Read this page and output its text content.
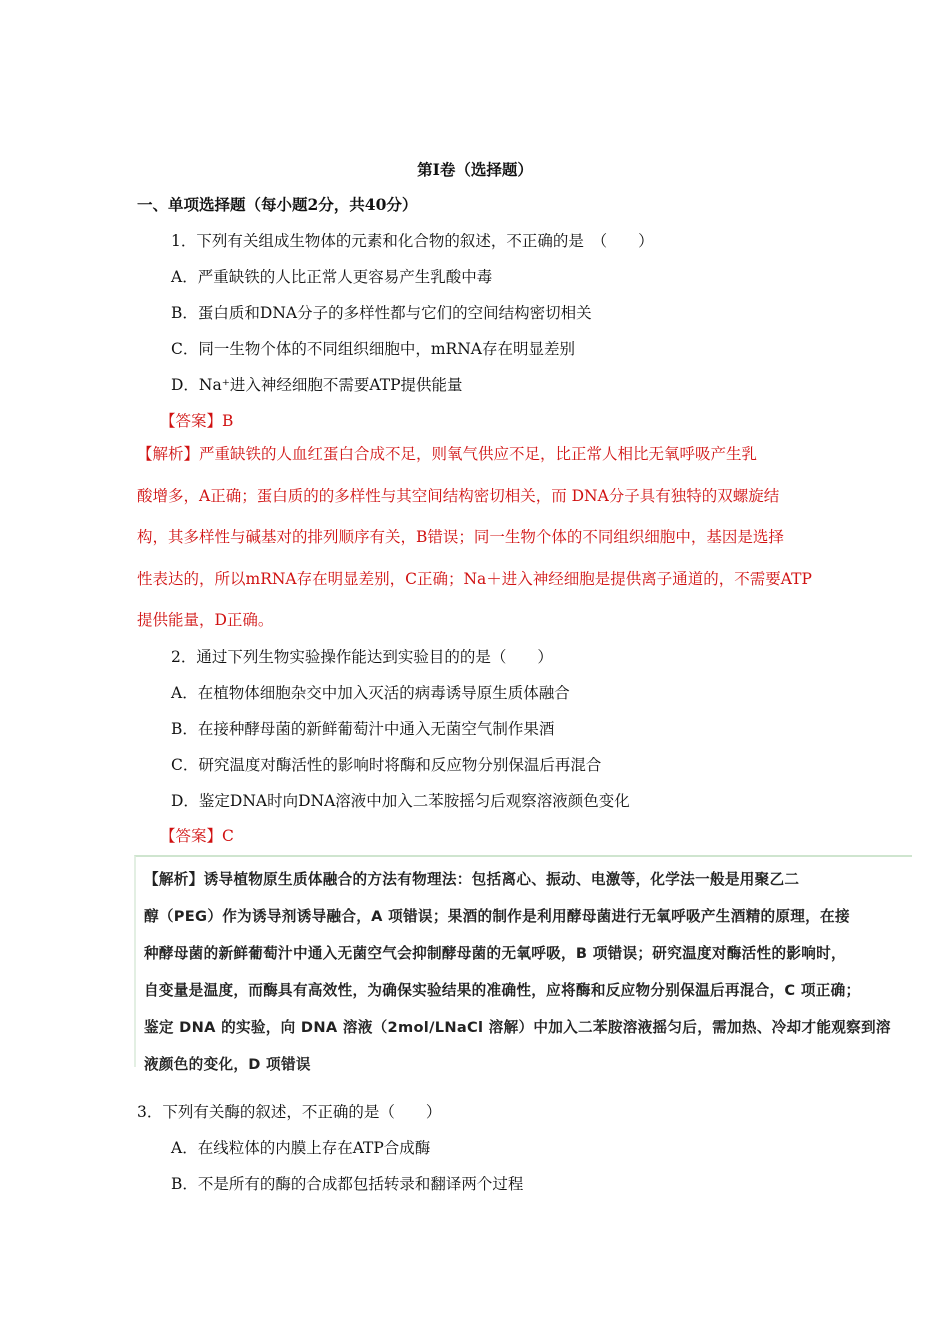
第Ⅰ卷（选择题）
一、单项选择题（每小题2分，共40分）
1．下列有关组成生物体的元素和化合物的叙述，不正确的是　（　　）
A．严重缺铁的人比正常人更容易产生乳酸中毒
B．蛋白质和DNA分子的多样性都与它们的空间结构密切相关
C．同一生物个体的不同组织细胞中，mRNA存在明显差别
D．Na⁺进入神经细胞不需要ATP提供能量
【答案】B
【解析】严重缺铁的人血红蛋白合成不足，则氧气供应不足，比正常人相比无氧呼吸产生乳
酸增多，A正确；蛋白质的的多样性与其空间结构密切相关，而 DNA分子具有独特的双螺旋结
构，其多样性与碱基对的排列顺序有关，B错误；同一生物个体的不同组织细胞中，基因是选择
性表达的，所以mRNA存在明显差别，C正确；Na＋进入神经细胞是提供离子通道的，不需要ATP
提供能量，D正确。
2．通过下列生物实验操作能达到实验目的的是（　　）
A．在植物体细胞杂交中加入灭活的病毒诱导原生质体融合
B．在接种酵母菌的新鲜葡萄汁中通入无菌空气制作果酒
C．研究温度对酶活性的影响时将酶和反应物分别保温后再混合
D．鉴定DNA时向DNA溶液中加入二苯胺摇匀后观察溶液颜色变化
【答案】C
【解析】诱导植物原生质体融合的方法有物理法：包括离心、振动、电激等，化学法一般是用聚乙二
醇（PEG）作为诱导剂诱导融合，A 项错误；果酒的制作是利用酵母菌进行无氧呼吸产生酒精的原理，在接
种酵母菌的新鲜葡萄汁中通入无菌空气会抑制酵母菌的无氧呼吸，B 项错误；研究温度对酶活性的影响时，
自变量是温度，而酶具有高效性，为确保实验结果的准确性，应将酶和反应物分别保温后再混合，C 项正确；
鉴定 DNA 的实验，向 DNA 溶液（2mol/LNaCl 溶解）中加入二苯胺溶液摇匀后，需加热、冷却才能观察到溶
液颜色的变化，D 项错误
3．下列有关酶的叙述，不正确的是（　　）
A．在线粒体的内膜上存在ATP合成酶
B．不是所有的酶的合成都包括转录和翻译两个过程
